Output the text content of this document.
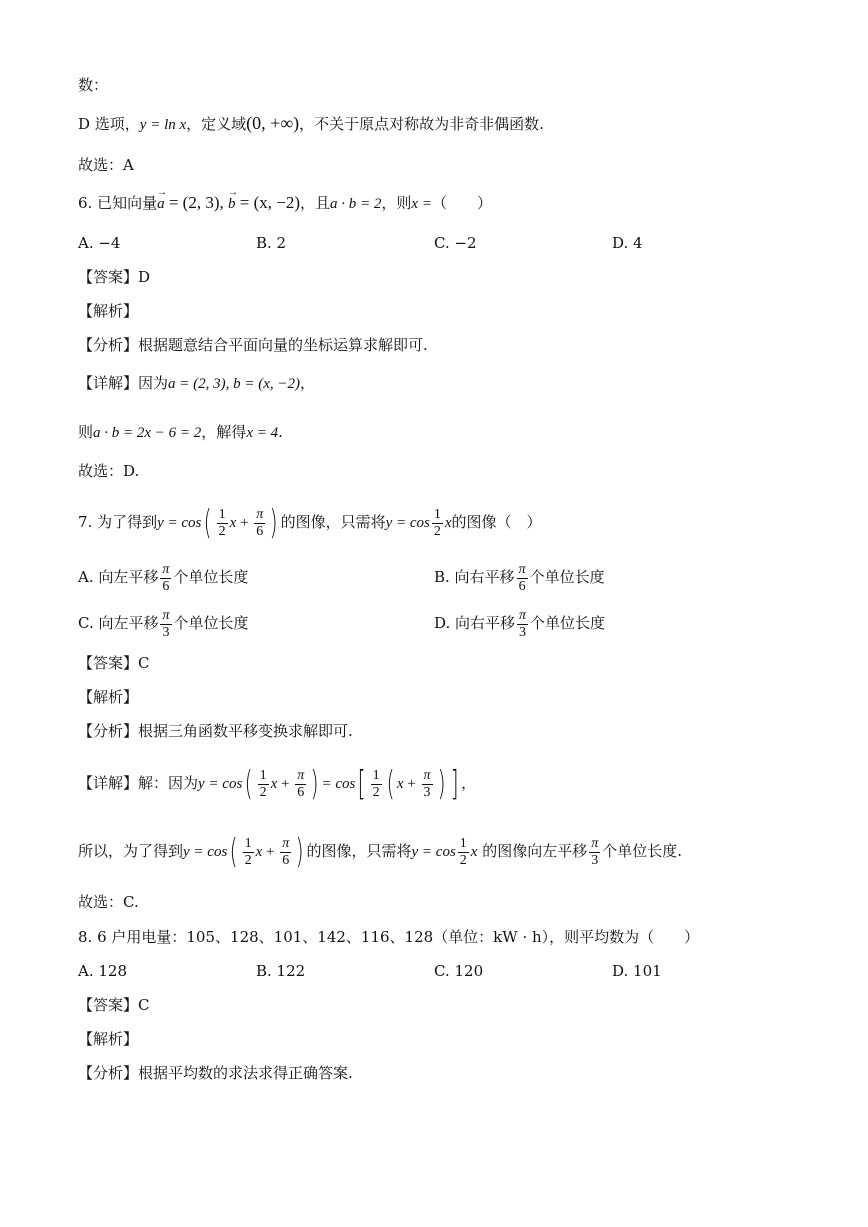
数：
D 选项，y = ln x，定义域(0, +∞)，不关于原点对称故为非奇非偶函数.
故选：A
6. 已知向量→ a = (2, 3), → b = (x, −2)，且a · b = 2，则x =（　　）
A. −4	B. 2	C. −2	D. 4
【答案】D
【解析】
【分析】根据题意结合平面向量的坐标运算求解即可.
【详解】因为a = (2, 3), b = (x, −2)，
则a · b = 2x − 6 = 2，解得x = 4.
故选：D.
7. 为了得到$y = \cos( \frac{1}{2}$ $x + \frac{\pi}{6}$ ) 的图像，只需将$y = \cos \frac{1}{2}$ x的图像（　）
A. 向左平移 $\frac{\pi}{6}$ 个单位长度	B. 向右平移 $\frac{\pi}{6}$ 个单位长度
C. 向左平移 $\frac{\pi}{3}$ 个单位长度	D. 向右平移 $\frac{\pi}{3}$ 个单位长度
【答案】C
【解析】
【分析】根据三角函数平移变换求解即可.
【详解】解：因为$y = \cos( \frac{1}{2}$ $x + \frac{\pi}{6}$ ) = $\cos[ \frac{1}{2}$ ( $x + \frac{\pi}{3}$ ) ] ，
所以，为了得到$y = \cos( \frac{1}{2}$ $x + \frac{\pi}{6}$ ) 的图像，只需将$y = \cos \frac{1}{2}$ x 的图像向左平移 $\frac{\pi}{3}$ 个单位长度.
故选：C.
8. 6 户用电量：105、128、101、142、116、128（单位：kW · h），则平均数为（　　）
A. 128	B. 122	C. 120	D. 101
【答案】C
【解析】
【分析】根据平均数的求法求得正确答案.
